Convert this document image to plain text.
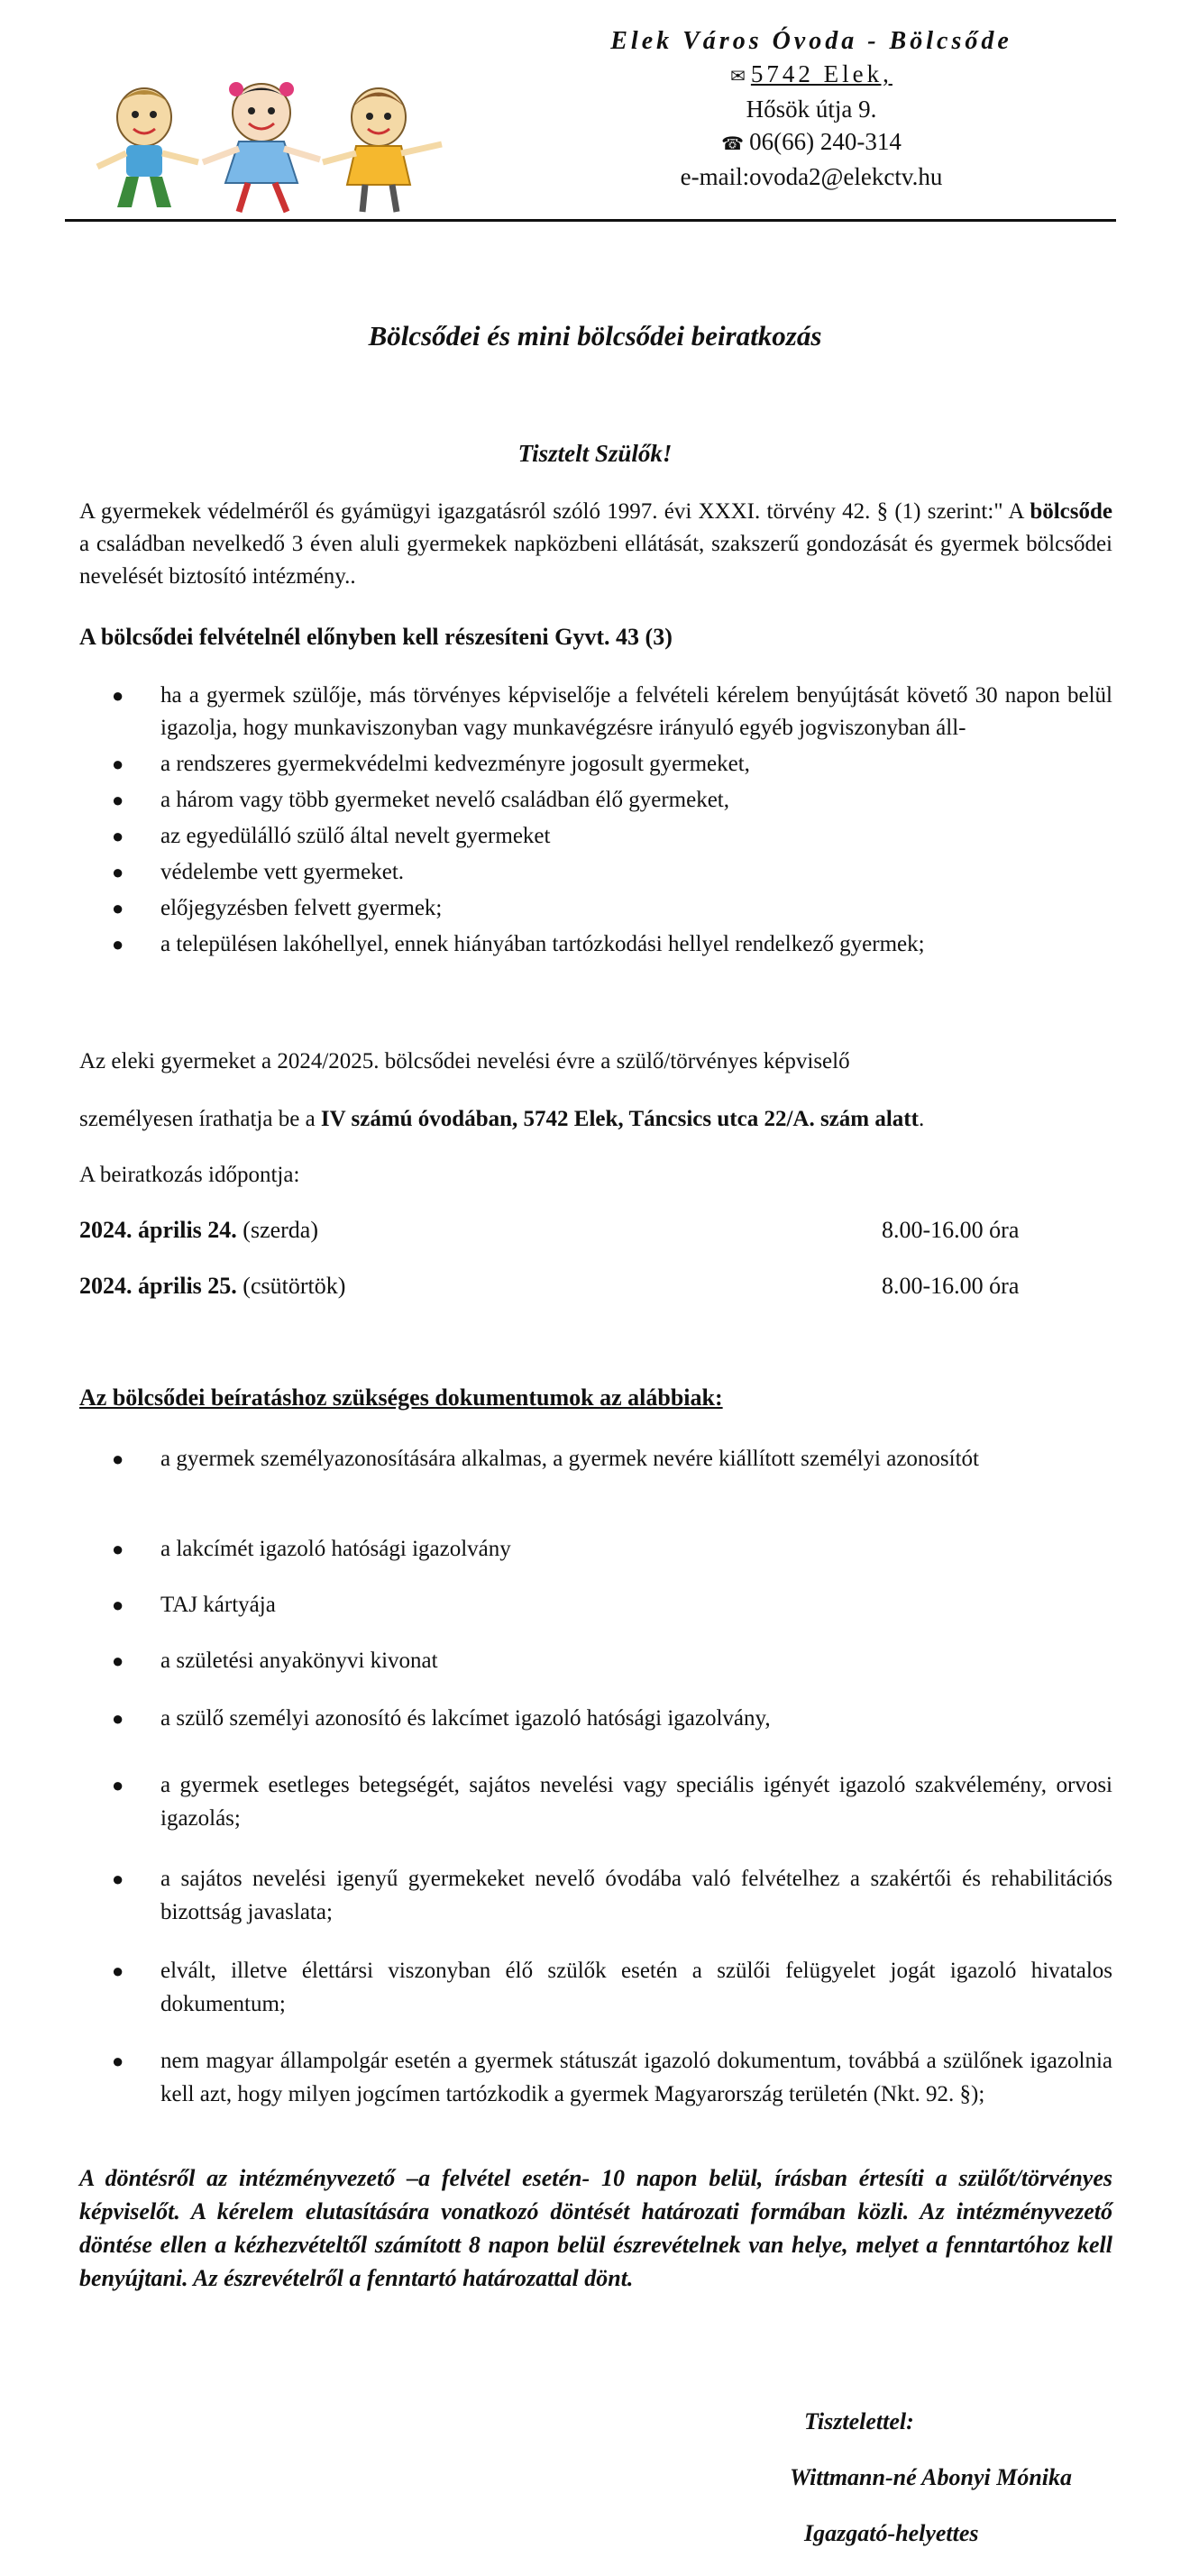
Elek Város Óvoda - Bölcsőde
✉ 5742 Elek,
Hősök útja 9.
☎ 06(66) 240-314
e-mail:ovoda2@elekctv.hu
Bölcsődei és mini bölcsődei beiratkozás
Tisztelt Szülők!
A gyermekek védelméről és gyámügyi igazgatásról szóló 1997. évi XXXI. törvény 42. § (1) szerint:" A bölcsőde a családban nevelkedő 3 éven aluli gyermekek napközbeni ellátását, szakszerű gondozását és gyermek bölcsődei nevelését biztosító intézmény..
A bölcsődei felvételnél előnyben kell részesíteni Gyvt. 43 (3)
● ha a gyermek szülője, más törvényes képviselője a felvételi kérelem benyújtását követő 30 napon belül igazolja, hogy munkaviszonyban vagy munkavégzésre irányuló egyéb jogviszonyban áll-
● a rendszeres gyermekvédelmi kedvezményre jogosult gyermeket,
● a három vagy több gyermeket nevelő családban élő gyermeket,
● az egyedülálló szülő által nevelt gyermeket
● védelembe vett gyermeket.
● előjegyzésben felvett gyermek;
● a településen lakóhellyel, ennek hiányában tartózkodási hellyel rendelkező gyermek;
Az eleki gyermeket a 2024/2025. bölcsődei nevelési évre a szülő/törvényes képviselő
személyesen írathatja be a IV számú óvodában, 5742 Elek, Táncsics utca 22/A. szám alatt.
A beiratkozás időpontja:
2024. április 24. (szerda)	8.00-16.00 óra
2024. április 25. (csütörtök)	8.00-16.00 óra
Az bölcsődei beíratáshoz szükséges dokumentumok az alábbiak:
● a gyermek személyazonosítására alkalmas, a gyermek nevére kiállított személyi azonosítót
● a lakcímét igazoló hatósági igazolvány
● TAJ kártyája
● a születési anyakönyvi kivonat
● a szülő személyi azonosító és lakcímet igazoló hatósági igazolvány,
● a gyermek esetleges betegségét, sajátos nevelési vagy speciális igényét igazoló szakvélemény, orvosi igazolás;
● a sajátos nevelési igenyű gyermekeket nevelő óvodába való felvételhez a szakértői és rehabilitációs bizottság javaslata;
● elvált, illetve élettársi viszonyban élő szülők esetén a szülői felügyelet jogát igazoló hivatalos dokumentum;
● nem magyar állampolgár esetén a gyermek státuszát igazoló dokumentum, továbbá a szülőnek igazolnia kell azt, hogy milyen jogcímen tartózkodik a gyermek Magyarország területén (Nkt. 92. §);
A döntésről az intézményvezető –a felvétel esetén- 10 napon belül, írásban értesíti a szülőt/törvényes képviselőt. A kérelem elutasítására vonatkozó döntését határozati formában közli. Az intézményvezető döntése ellen a kézhezvételtől számított 8 napon belül észrevételnek van helye, melyet a fenntartóhoz kell benyújtani. Az észrevételről a fenntartó határozattal dönt.
Tisztelettel:
Wittmann-né Abonyi Mónika
Igazgató-helyettes
